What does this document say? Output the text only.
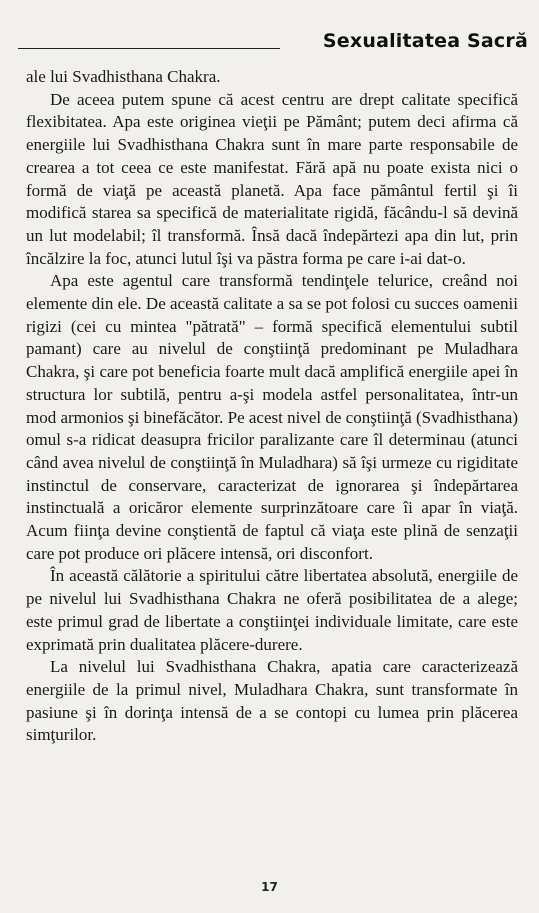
Sexualitatea Sacră

ale lui Svadhisthana Chakra.

De aceea putem spune că acest centru are drept calitate specifică flexibitatea. Apa este originea vieţii pe Pământ; putem deci afirma că energiile lui Svadhisthana Chakra sunt în mare parte responsabile de crearea a tot ceea ce este manifestat. Fără apă nu poate exista nici o formă de viaţă pe această planetă. Apa face pământul fertil şi îi modifică starea sa specifică de materialitate rigidă, făcându-l să devină un lut modelabil; îl transformă. Însă dacă îndepărtezi apa din lut, prin încălzire la foc, atunci lutul îşi va păstra forma pe care i-ai dat-o.

Apa este agentul care transformă tendinţele telurice, creând noi elemente din ele. De această calitate a sa se pot folosi cu succes oamenii rigizi (cei cu mintea "pătrată" – formă specifică elementului subtil pamant) care au nivelul de conştiinţă predominant pe Muladhara Chakra, şi care pot beneficia foarte mult dacă amplifică energiile apei în structura lor subtilă, pentru a-şi modela astfel personalitatea, într-un mod armonios şi binefăcător. Pe acest nivel de conştiinţă (Svadhisthana) omul s-a ridicat deasupra fricilor paralizante care îl determinau (atunci când avea nivelul de conştiinţă în Muladhara) să îşi urmeze cu rigiditate instinctul de conservare, caracterizat de ignorarea şi îndepărtarea instinctuală a oricăror elemente surprinzătoare care îi apar în viaţă. Acum fiinţa devine conştientă de faptul că viaţa este plină de senzaţii care pot produce ori plăcere intensă, ori disconfort.

În această călătorie a spiritului către libertatea absolută, energiile de pe nivelul lui Svadhisthana Chakra ne oferă posibilitatea de a alege; este primul grad de libertate a conştiinţei individuale limitate, care este exprimată prin dualitatea plăcere-durere.

La nivelul lui Svadhisthana Chakra, apatia care caracterizează energiile de la primul nivel, Muladhara Chakra, sunt transformate în pasiune şi în dorinţa intensă de a se contopi cu lumea prin plăcerea simţurilor.

17
